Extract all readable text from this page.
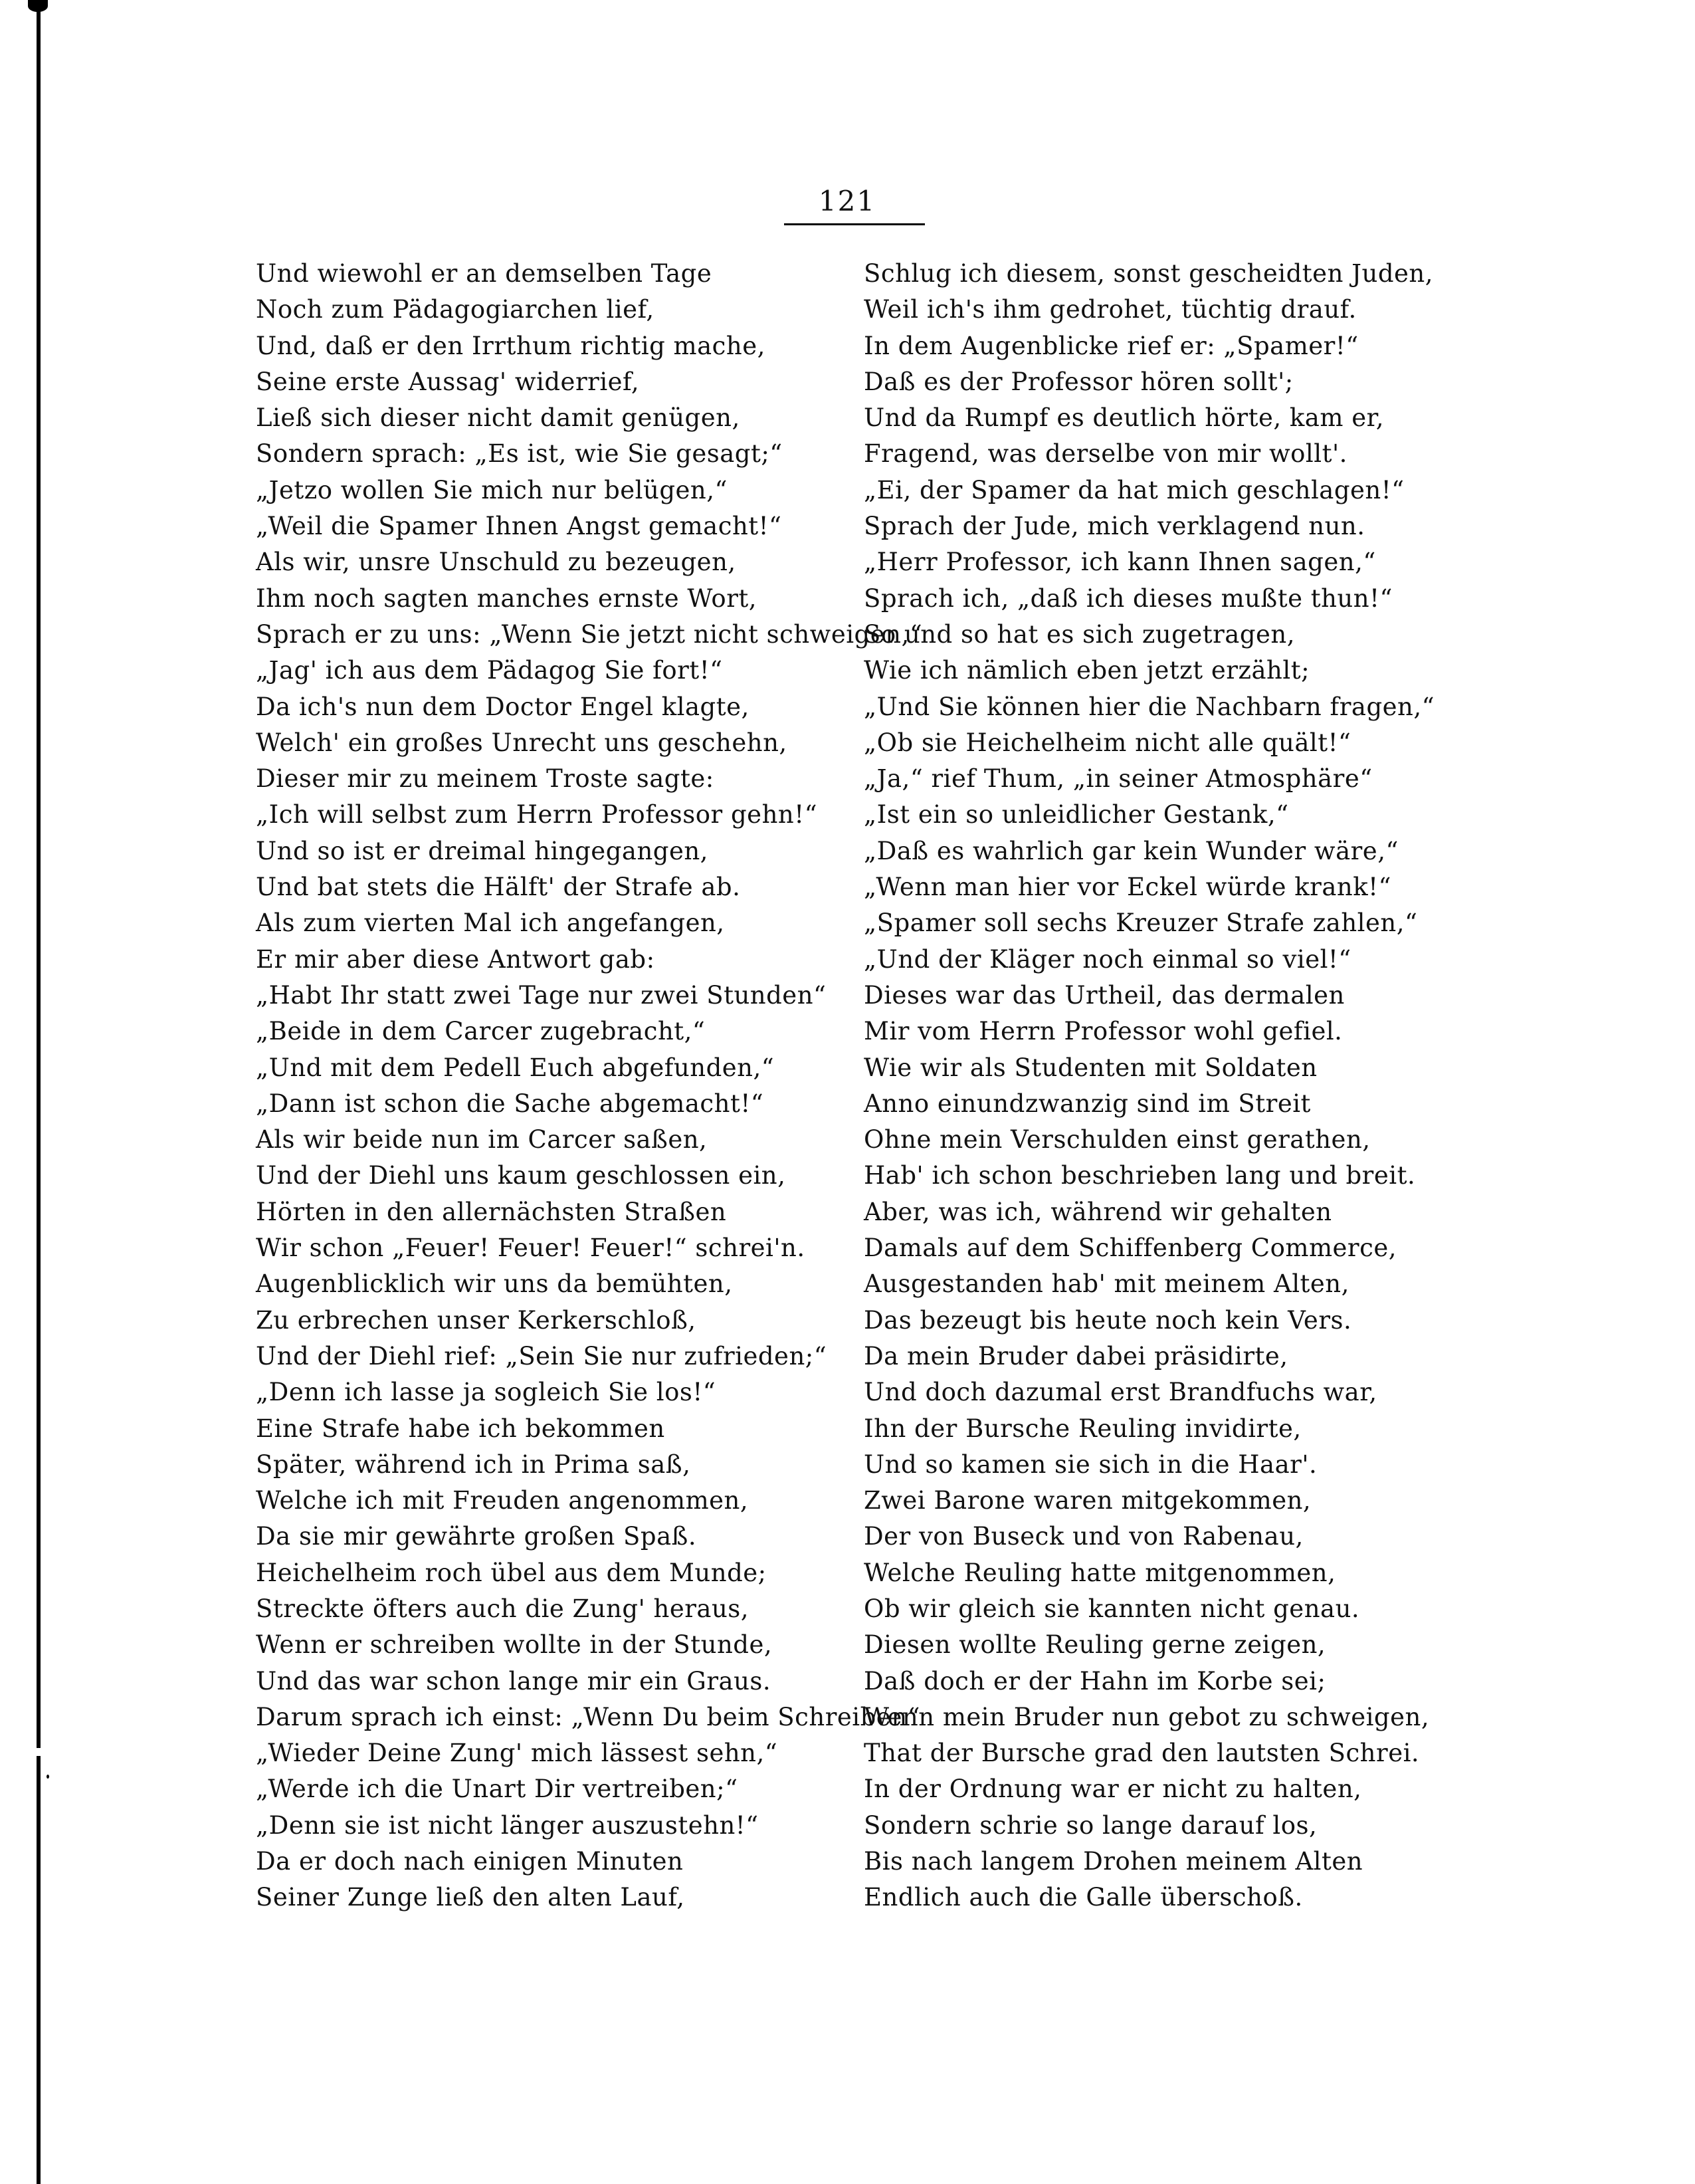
121
Und wiewohl er an demselben Tage
Noch zum Pädagogiarchen lief,
Und, daß er den Irrthum richtig mache,
Seine erste Aussag' widerrief,
Ließ sich dieser nicht damit genügen,
Sondern sprach: „Es ist, wie Sie gesagt;“
„Jetzo wollen Sie mich nur belügen,“
„Weil die Spamer Ihnen Angst gemacht!“
Als wir, unsre Unschuld zu bezeugen,
Ihm noch sagten manches ernste Wort,
Sprach er zu uns: „Wenn Sie jetzt nicht schweigen,“
„Jag' ich aus dem Pädagog Sie fort!“
Da ich's nun dem Doctor Engel klagte,
Welch' ein großes Unrecht uns geschehn,
Dieser mir zu meinem Troste sagte:
„Ich will selbst zum Herrn Professor gehn!“
Und so ist er dreimal hingegangen,
Und bat stets die Hälft' der Strafe ab.
Als zum vierten Mal ich angefangen,
Er mir aber diese Antwort gab:
„Habt Ihr statt zwei Tage nur zwei Stunden“
„Beide in dem Carcer zugebracht,“
„Und mit dem Pedell Euch abgefunden,“
„Dann ist schon die Sache abgemacht!“
Als wir beide nun im Carcer saßen,
Und der Diehl uns kaum geschlossen ein,
Hörten in den allernächsten Straßen
Wir schon „Feuer! Feuer! Feuer!“ schrei'n.
Augenblicklich wir uns da bemühten,
Zu erbrechen unser Kerkerschloß,
Und der Diehl rief: „Sein Sie nur zufrieden;“
„Denn ich lasse ja sogleich Sie los!“
Eine Strafe habe ich bekommen
Später, während ich in Prima saß,
Welche ich mit Freuden angenommen,
Da sie mir gewährte großen Spaß.
Heichelheim roch übel aus dem Munde;
Streckte öfters auch die Zung' heraus,
Wenn er schreiben wollte in der Stunde,
Und das war schon lange mir ein Graus.
Darum sprach ich einst: „Wenn Du beim Schreiben“
„Wieder Deine Zung' mich lässest sehn,“
„Werde ich die Unart Dir vertreiben;“
„Denn sie ist nicht länger auszustehn!“
Da er doch nach einigen Minuten
Seiner Zunge ließ den alten Lauf,
Schlug ich diesem, sonst gescheidten Juden,
Weil ich's ihm gedrohet, tüchtig drauf.
In dem Augenblicke rief er: „Spamer!“
Daß es der Professor hören sollt';
Und da Rumpf es deutlich hörte, kam er,
Fragend, was derselbe von mir wollt'.
„Ei, der Spamer da hat mich geschlagen!“
Sprach der Jude, mich verklagend nun.
„Herr Professor, ich kann Ihnen sagen,“
Sprach ich, „daß ich dieses mußte thun!“
So und so hat es sich zugetragen,
Wie ich nämlich eben jetzt erzählt;
„Und Sie können hier die Nachbarn fragen,“
„Ob sie Heichelheim nicht alle quält!“
„Ja,“ rief Thum, „in seiner Atmosphäre“
„Ist ein so unleidlicher Gestank,“
„Daß es wahrlich gar kein Wunder wäre,“
„Wenn man hier vor Eckel würde krank!“
„Spamer soll sechs Kreuzer Strafe zahlen,“
„Und der Kläger noch einmal so viel!“
Dieses war das Urtheil, das dermalen
Mir vom Herrn Professor wohl gefiel.
Wie wir als Studenten mit Soldaten
Anno einundzwanzig sind im Streit
Ohne mein Verschulden einst gerathen,
Hab' ich schon beschrieben lang und breit.
Aber, was ich, während wir gehalten
Damals auf dem Schiffenberg Commerce,
Ausgestanden hab' mit meinem Alten,
Das bezeugt bis heute noch kein Vers.
Da mein Bruder dabei präsidirte,
Und doch dazumal erst Brandfuchs war,
Ihn der Bursche Reuling invidirte,
Und so kamen sie sich in die Haar'.
Zwei Barone waren mitgekommen,
Der von Buseck und von Rabenau,
Welche Reuling hatte mitgenommen,
Ob wir gleich sie kannten nicht genau.
Diesen wollte Reuling gerne zeigen,
Daß doch er der Hahn im Korbe sei;
Wenn mein Bruder nun gebot zu schweigen,
That der Bursche grad den lautsten Schrei.
In der Ordnung war er nicht zu halten,
Sondern schrie so lange darauf los,
Bis nach langem Drohen meinem Alten
Endlich auch die Galle überschoß.
